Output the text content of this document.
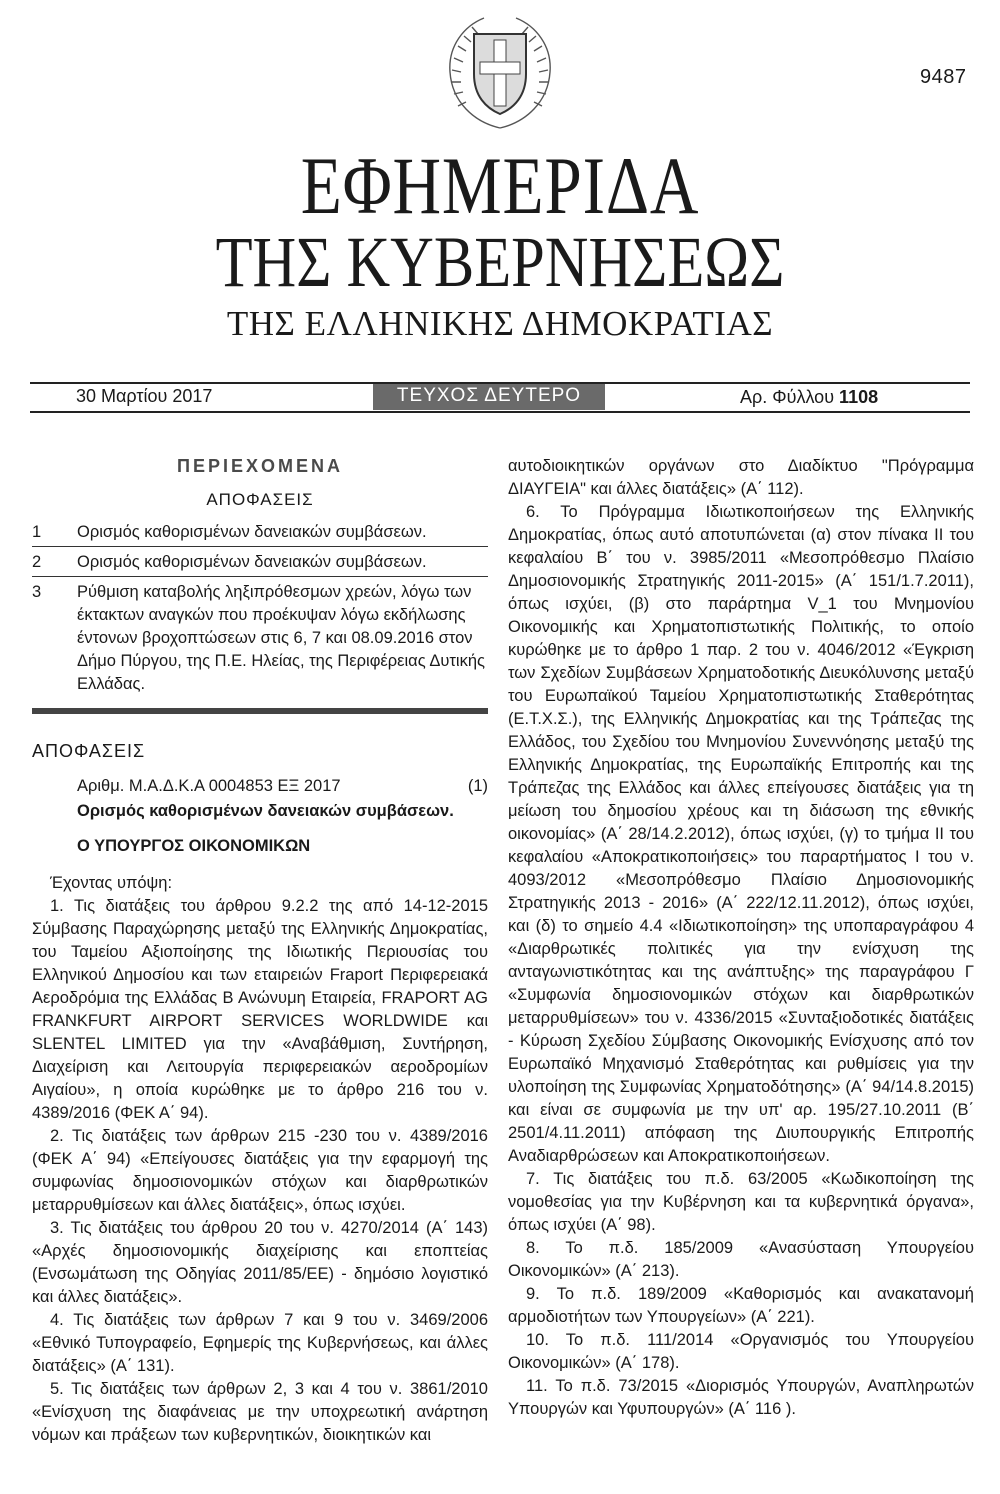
9487
ΕΦΗΜΕΡΙΔΑ
ΤΗΣ ΚΥΒΕΡΝΗΣΕΩΣ
ΤΗΣ ΕΛΛΗΝΙΚΗΣ ΔΗΜΟΚΡΑΤΙΑΣ
30 Μαρτίου 2017	ΤΕΥΧΟΣ ΔΕΥΤΕΡΟ	Αρ. Φύλλου 1108
ΠΕΡΙΕΧΟΜΕΝΑ
ΑΠΟΦΑΣΕΙΣ
1	Ορισμός καθορισμένων δανειακών συμβάσεων.
2	Ορισμός καθορισμένων δανειακών συμβάσεων.
3	Ρύθμιση καταβολής ληξιπρόθεσμων χρεών, λόγω των έκτακτων αναγκών που προέκυψαν λόγω εκδήλωσης έντονων βροχοπτώσεων στις 6, 7 και 08.09.2016 στον Δήμο Πύργου, της Π.Ε. Ηλείας, της Περιφέρειας Δυτικής Ελλάδας.
ΑΠΟΦΑΣΕΙΣ
Αριθμ. Μ.Α.Δ.Κ.Α 0004853 ΕΞ 2017	(1)
Ορισμός καθορισμένων δανειακών συμβάσεων.
Ο ΥΠΟΥΡΓΟΣ ΟΙΚΟΝΟΜΙΚΩΝ

Έχοντας υπόψη:

1. Τις διατάξεις του άρθρου 9.2.2 της από 14-12-2015 Σύμβασης Παραχώρησης μεταξύ της Ελληνικής Δημοκρατίας, του Ταμείου Αξιοποίησης της Ιδιωτικής Περιουσίας του Ελληνικού Δημοσίου και των εταιρειών Fraport Περιφερειακά Αεροδρόμια της Ελλάδας Β Ανώνυμη Εταιρεία, FRAPORT AG FRANKFURT AIRPORT SERVICES WORLDWIDE και SLENTEL LIMITED για την «Αναβάθμιση, Συντήρηση, Διαχείριση και Λειτουργία περιφερειακών αεροδρομίων Αιγαίου», η οποία κυρώθηκε με το άρθρο 216 του ν. 4389/2016 (ΦΕΚ Α΄ 94).

2. Τις διατάξεις των άρθρων 215 -230 του ν. 4389/2016 (ΦΕΚ Α΄ 94) «Επείγουσες διατάξεις για την εφαρμογή της συμφωνίας δημοσιονομικών στόχων και διαρθρωτικών μεταρρυθμίσεων και άλλες διατάξεις», όπως ισχύει.

3. Τις διατάξεις του άρθρου 20 του ν. 4270/2014 (Α΄ 143) «Αρχές δημοσιονομικής διαχείρισης και εποπτείας (Ενσωμάτωση της Οδηγίας 2011/85/ΕΕ) - δημόσιο λογιστικό και άλλες διατάξεις».

4. Τις διατάξεις των άρθρων 7 και 9 του ν. 3469/2006 «Εθνικό Τυπογραφείο, Εφημερίς της Κυβερνήσεως, και άλλες διατάξεις» (Α΄ 131).

5. Τις διατάξεις των άρθρων 2, 3 και 4 του ν. 3861/2010 «Ενίσχυση της διαφάνειας με την υποχρεωτική ανάρτηση νόμων και πράξεων των κυβερνητικών, διοικητικών και

αυτοδιοικητικών οργάνων στο Διαδίκτυο "Πρόγραμμα ΔΙΑΥΓΕΙΑ" και άλλες διατάξεις» (Α΄ 112).

6. Το Πρόγραμμα Ιδιωτικοποιήσεων της Ελληνικής Δημοκρατίας, όπως αυτό αποτυπώνεται (α) στον πίνακα ΙΙ του κεφαλαίου Β΄ του ν. 3985/2011 «Μεσοπρόθεσμο Πλαίσιο Δημοσιονομικής Στρατηγικής 2011-2015» (Α΄ 151/1.7.2011), όπως ισχύει, (β) στο παράρτημα V_1 του Μνημονίου Οικονομικής και Χρηματοπιστωτικής Πολιτικής, το οποίο κυρώθηκε με το άρθρο 1 παρ. 2 του ν. 4046/2012 «Έγκριση των Σχεδίων Συμβάσεων Χρηματοδοτικής Διευκόλυνσης μεταξύ του Ευρωπαϊκού Ταμείου Χρηματοπιστωτικής Σταθερότητας (Ε.Τ.Χ.Σ.), της Ελληνικής Δημοκρατίας και της Τράπεζας της Ελλάδος, του Σχεδίου του Μνημονίου Συνεννόησης μεταξύ της Ελληνικής Δημοκρατίας, της Ευρωπαϊκής Επιτροπής και της Τράπεζας της Ελλάδος και άλλες επείγουσες διατάξεις για τη μείωση του δημοσίου χρέους και τη διάσωση της εθνικής οικονομίας» (Α΄ 28/14.2.2012), όπως ισχύει, (γ) το τμήμα ΙΙ του κεφαλαίου «Αποκρατικοποιήσεις» του παραρτήματος Ι του ν. 4093/2012 «Μεσοπρόθεσμο Πλαίσιο Δημοσιονομικής Στρατηγικής 2013 - 2016» (Α΄ 222/12.11.2012), όπως ισχύει, και (δ) το σημείο 4.4 «Ιδιωτικοποίηση» της υποπαραγράφου 4 «Διαρθρωτικές πολιτικές για την ενίσχυση της ανταγωνιστικότητας και της ανάπτυξης» της παραγράφου Γ «Συμφωνία δημοσιονομικών στόχων και διαρθρωτικών μεταρρυθμίσεων» του ν. 4336/2015 «Συνταξιοδοτικές διατάξεις - Κύρωση Σχεδίου Σύμβασης Οικονομικής Ενίσχυσης από τον Ευρωπαϊκό Μηχανισμό Σταθερότητας και ρυθμίσεις για την υλοποίηση της Συμφωνίας Χρηματοδότησης» (Α΄ 94/14.8.2015) και είναι σε συμφωνία με την υπ' αρ. 195/27.10.2011 (Β΄ 2501/4.11.2011) απόφαση της Διυπουργικής Επιτροπής Αναδιαρθρώσεων και Αποκρατικοποιήσεων.

7. Τις διατάξεις του π.δ. 63/2005 «Κωδικοποίηση της νομοθεσίας για την Κυβέρνηση και τα κυβερνητικά όργανα», όπως ισχύει (Α΄ 98).

8. Το π.δ. 185/2009 «Ανασύσταση Υπουργείου Οικονομικών» (Α΄ 213).

9. Το π.δ. 189/2009 «Καθορισμός και ανακατανομή αρμοδιοτήτων των Υπουργείων» (Α΄ 221).

10. Το π.δ. 111/2014 «Οργανισμός του Υπουργείου Οικονομικών» (Α΄ 178).

11. Το π.δ. 73/2015 «Διορισμός Υπουργών, Αναπληρωτών Υπουργών και Υφυπουργών» (Α΄ 116 ).
